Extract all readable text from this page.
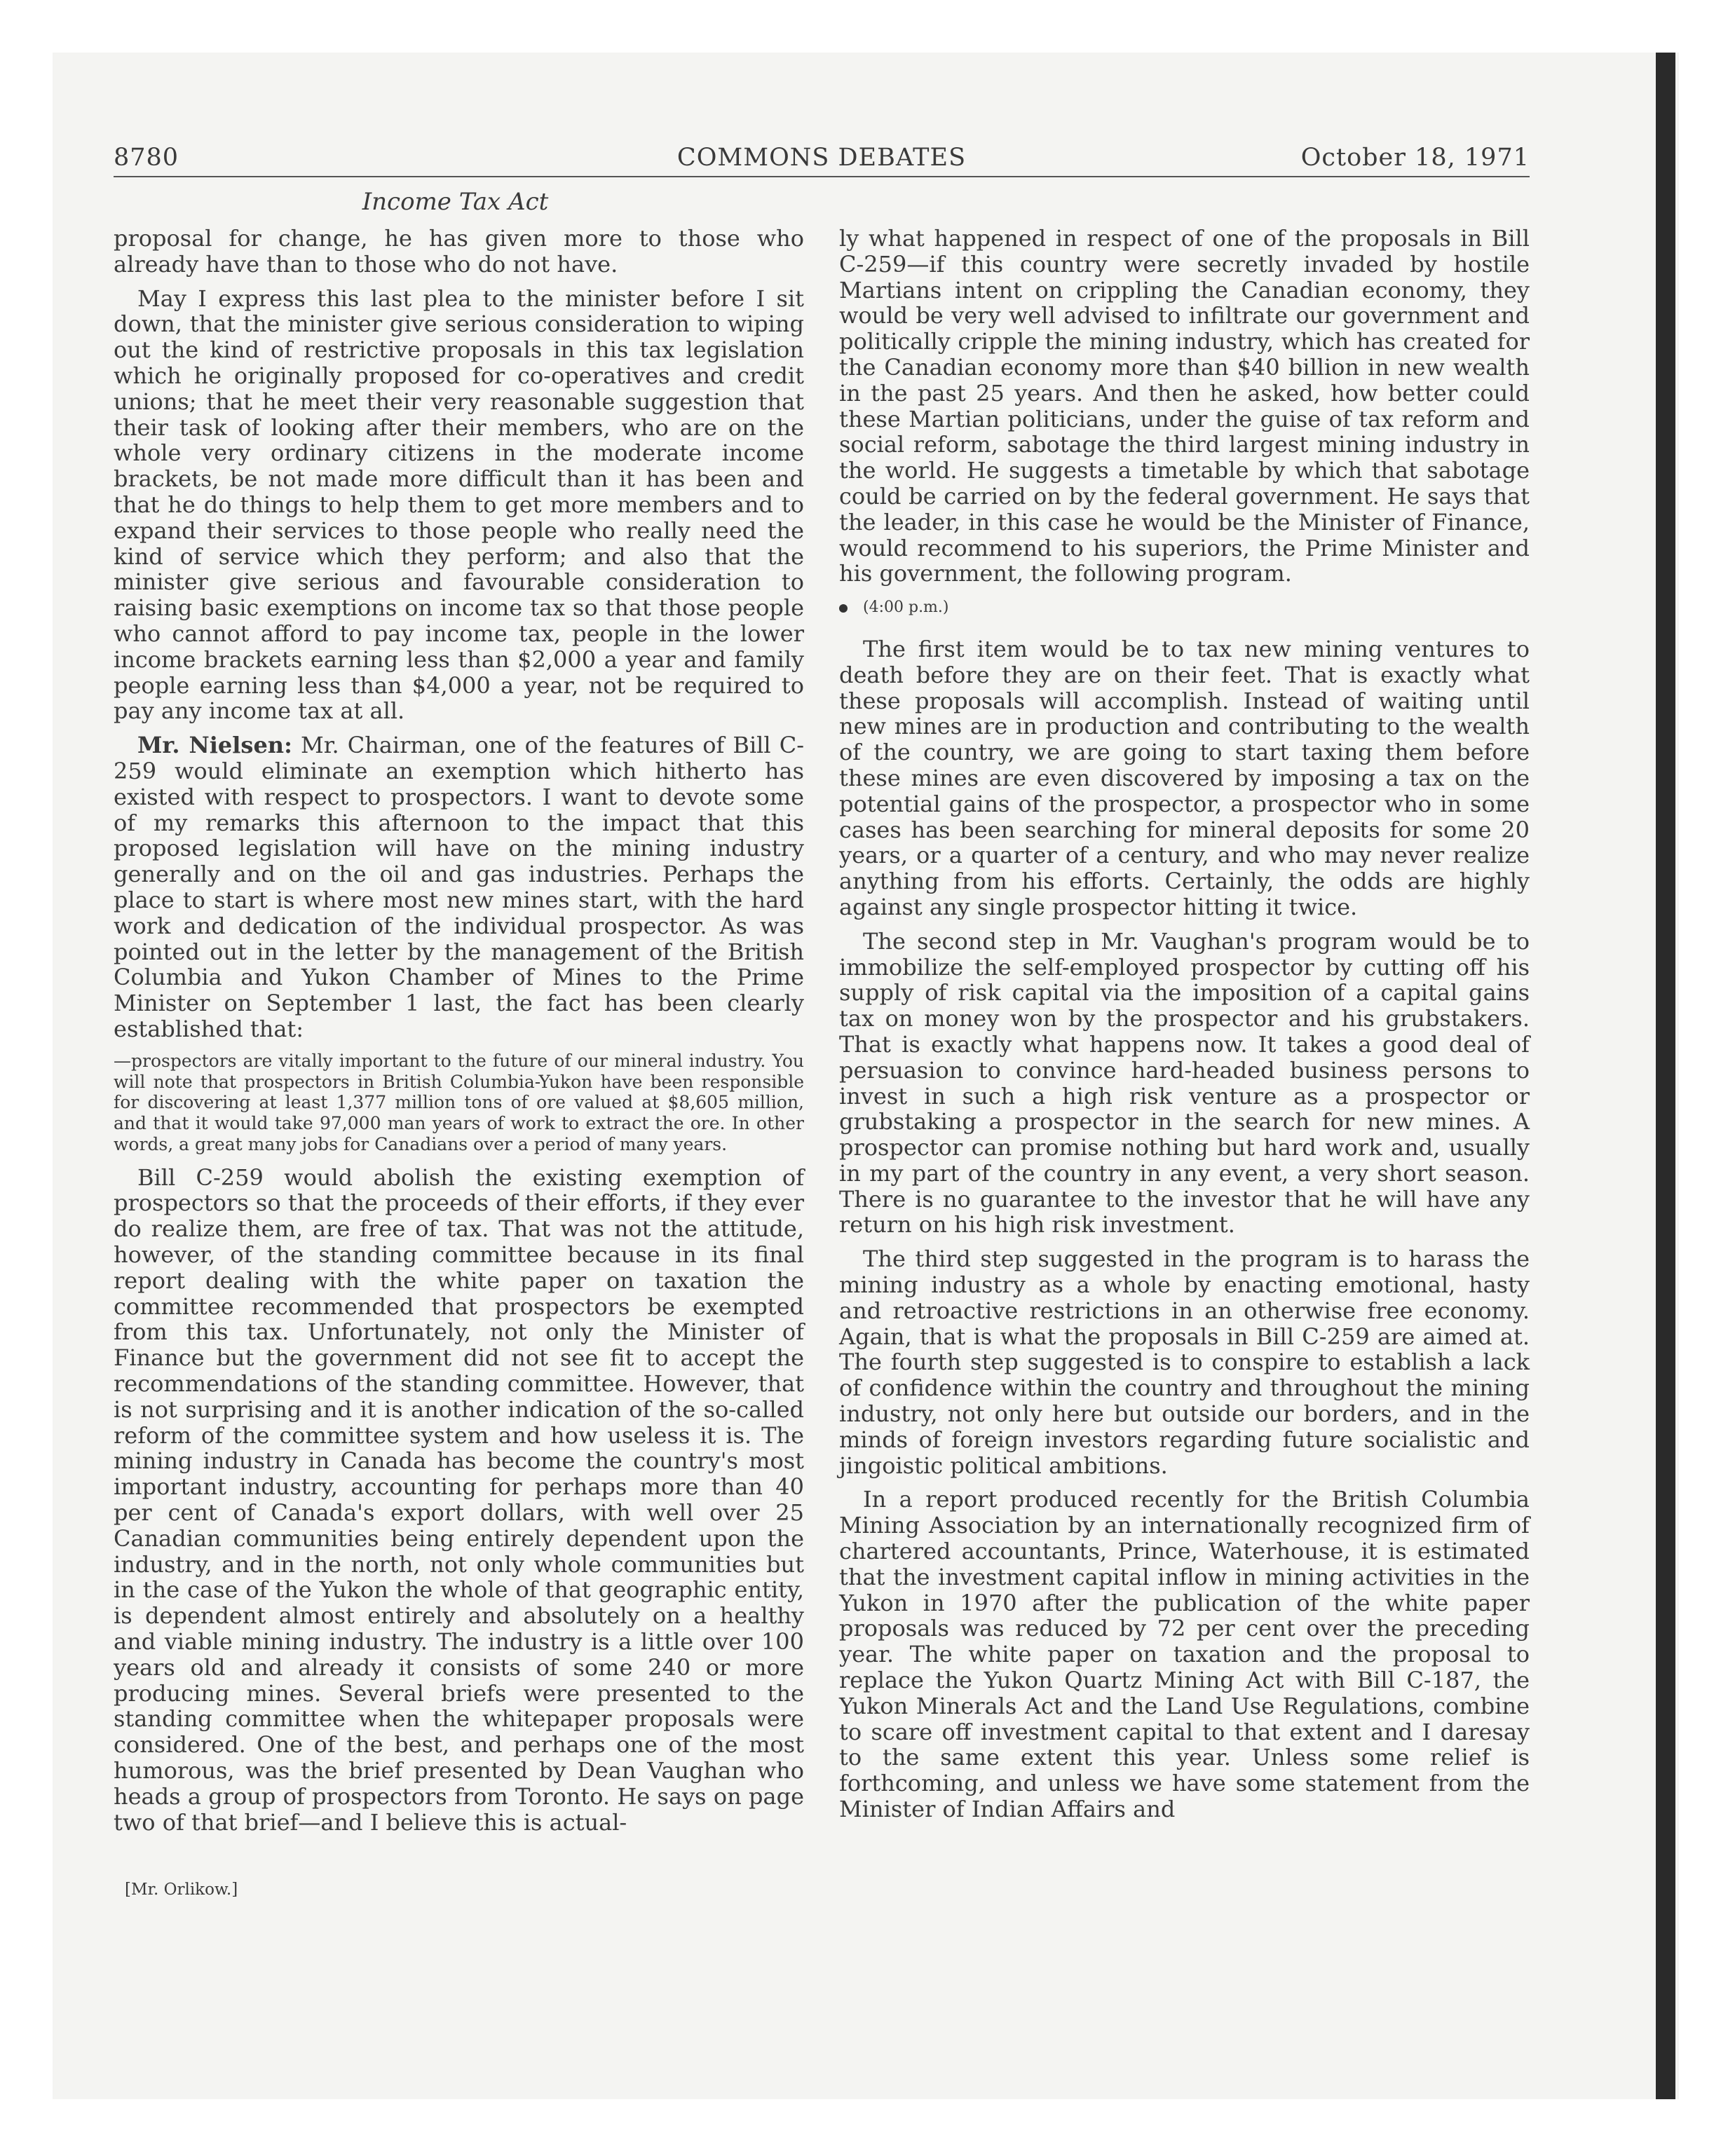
8780	COMMONS DEBATES	October 18, 1971
Income Tax Act

proposal for change, he has given more to those who already have than to those who do not have.

May I express this last plea to the minister before I sit down, that the minister give serious consideration to wiping out the kind of restrictive proposals in this tax legislation which he originally proposed for co-operatives and credit unions; that he meet their very reasonable suggestion that their task of looking after their members, who are on the whole very ordinary citizens in the moderate income brackets, be not made more difficult than it has been and that he do things to help them to get more members and to expand their services to those people who really need the kind of service which they perform; and also that the minister give serious and favourable consideration to raising basic exemptions on income tax so that those people who cannot afford to pay income tax, people in the lower income brackets earning less than $2,000 a year and family people earning less than $4,000 a year, not be required to pay any income tax at all.

Mr. Nielsen: Mr. Chairman, one of the features of Bill C-259 would eliminate an exemption which hitherto has existed with respect to prospectors. I want to devote some of my remarks this afternoon to the impact that this proposed legislation will have on the mining industry generally and on the oil and gas industries. Perhaps the place to start is where most new mines start, with the hard work and dedication of the individual prospector. As was pointed out in the letter by the management of the British Columbia and Yukon Chamber of Mines to the Prime Minister on September 1 last, the fact has been clearly established that:

—prospectors are vitally important to the future of our mineral industry. You will note that prospectors in British Columbia-Yukon have been responsible for discovering at least 1,377 million tons of ore valued at $8,605 million, and that it would take 97,000 man years of work to extract the ore. In other words, a great many jobs for Canadians over a period of many years.

Bill C-259 would abolish the existing exemption of prospectors so that the proceeds of their efforts, if they ever do realize them, are free of tax. That was not the attitude, however, of the standing committee because in its final report dealing with the white paper on taxation the committee recommended that prospectors be exempted from this tax. Unfortunately, not only the Minister of Finance but the government did not see fit to accept the recommendations of the standing committee. However, that is not surprising and it is another indication of the so-called reform of the committee system and how useless it is. The mining industry in Canada has become the country's most important industry, accounting for perhaps more than 40 per cent of Canada's export dollars, with well over 25 Canadian communities being entirely dependent upon the industry, and in the north, not only whole communities but in the case of the Yukon the whole of that geographic entity, is dependent almost entirely and absolutely on a healthy and viable mining industry. The industry is a little over 100 years old and already it consists of some 240 or more producing mines. Several briefs were presented to the standing committee when the whitepaper proposals were considered. One of the best, and perhaps one of the most humorous, was the brief presented by Dean Vaughan who heads a group of prospectors from Toronto. He says on page two of that brief—and I believe this is actual-

ly what happened in respect of one of the proposals in Bill C-259—if this country were secretly invaded by hostile Martians intent on crippling the Canadian economy, they would be very well advised to infiltrate our government and politically cripple the mining industry, which has created for the Canadian economy more than $40 billion in new wealth in the past 25 years. And then he asked, how better could these Martian politicians, under the guise of tax reform and social reform, sabotage the third largest mining industry in the world. He suggests a timetable by which that sabotage could be carried on by the federal government. He says that the leader, in this case he would be the Minister of Finance, would recommend to his superiors, the Prime Minister and his government, the following program.

(4:00 p.m.)

The first item would be to tax new mining ventures to death before they are on their feet. That is exactly what these proposals will accomplish. Instead of waiting until new mines are in production and contributing to the wealth of the country, we are going to start taxing them before these mines are even discovered by imposing a tax on the potential gains of the prospector, a prospector who in some cases has been searching for mineral deposits for some 20 years, or a quarter of a century, and who may never realize anything from his efforts. Certainly, the odds are highly against any single prospector hitting it twice.

The second step in Mr. Vaughan's program would be to immobilize the self-employed prospector by cutting off his supply of risk capital via the imposition of a capital gains tax on money won by the prospector and his grubstakers. That is exactly what happens now. It takes a good deal of persuasion to convince hard-headed business persons to invest in such a high risk venture as a prospector or grubstaking a prospector in the search for new mines. A prospector can promise nothing but hard work and, usually in my part of the country in any event, a very short season. There is no guarantee to the investor that he will have any return on his high risk investment.

The third step suggested in the program is to harass the mining industry as a whole by enacting emotional, hasty and retroactive restrictions in an otherwise free economy. Again, that is what the proposals in Bill C-259 are aimed at. The fourth step suggested is to conspire to establish a lack of confidence within the country and throughout the mining industry, not only here but outside our borders, and in the minds of foreign investors regarding future socialistic and jingoistic political ambitions.

In a report produced recently for the British Columbia Mining Association by an internationally recognized firm of chartered accountants, Prince, Waterhouse, it is estimated that the investment capital inflow in mining activities in the Yukon in 1970 after the publication of the white paper proposals was reduced by 72 per cent over the preceding year. The white paper on taxation and the proposal to replace the Yukon Quartz Mining Act with Bill C-187, the Yukon Minerals Act and the Land Use Regulations, combine to scare off investment capital to that extent and I daresay to the same extent this year. Unless some relief is forthcoming, and unless we have some statement from the Minister of Indian Affairs and

[Mr. Orlikow.]
